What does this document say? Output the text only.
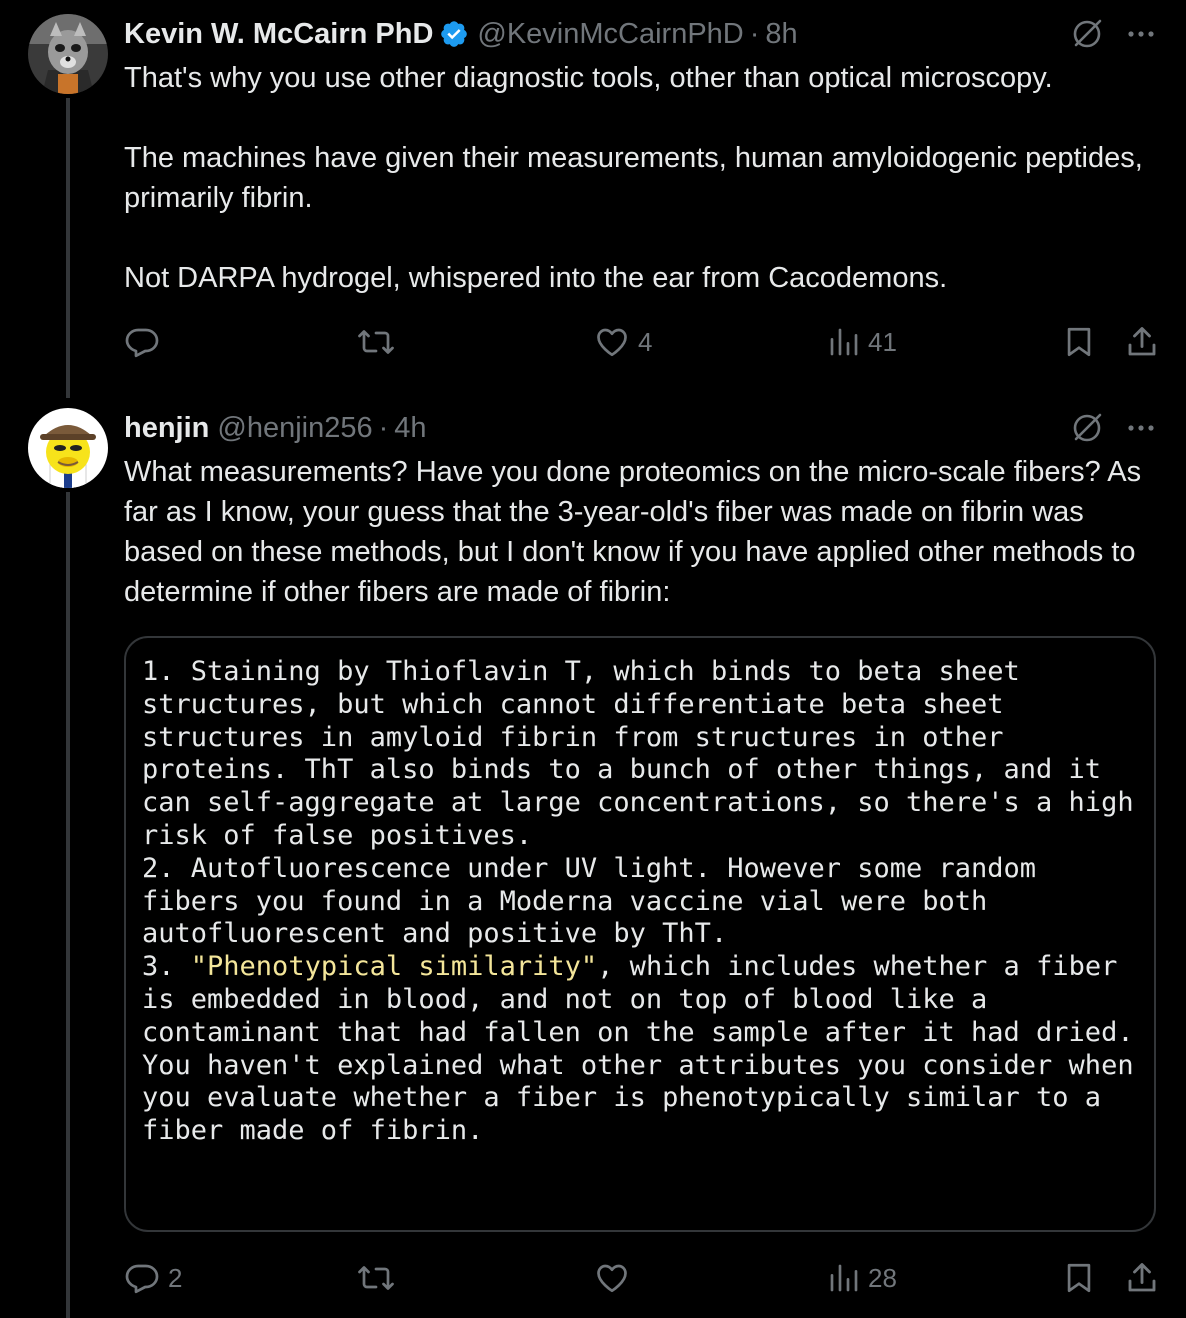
Kevin W. McCairn PhD @KevinMcCairnPhD · 8h

That's why you use other diagnostic tools, other than optical microscopy.

The machines have given their measurements, human amyloidogenic peptides, primarily fibrin.

Not DARPA hydrogel, whispered into the ear from Cacodemons.

4	41
henjin @henjin256 · 4h

What measurements? Have you done proteomics on the micro-scale fibers? As far as I know, your guess that the 3-year-old's fiber was made on fibrin was based on these methods, but I don't know if you have applied other methods to determine if other fibers are made of fibrin:

1. Staining by Thioflavin T, which binds to beta sheet
structures, but which cannot differentiate beta sheet
structures in amyloid fibrin from structures in other
proteins. ThT also binds to a bunch of other things, and it
can self-aggregate at large concentrations, so there's a high
risk of false positives.
2. Autofluorescence under UV light. However some random
fibers you found in a Moderna vaccine vial were both
autofluorescent and positive by ThT.
3. "Phenotypical similarity", which includes whether a fiber
is embedded in blood, and not on top of blood like a
contaminant that had fallen on the sample after it had dried.
You haven't explained what other attributes you consider when
you evaluate whether a fiber is phenotypically similar to a
fiber made of fibrin.
2	28
